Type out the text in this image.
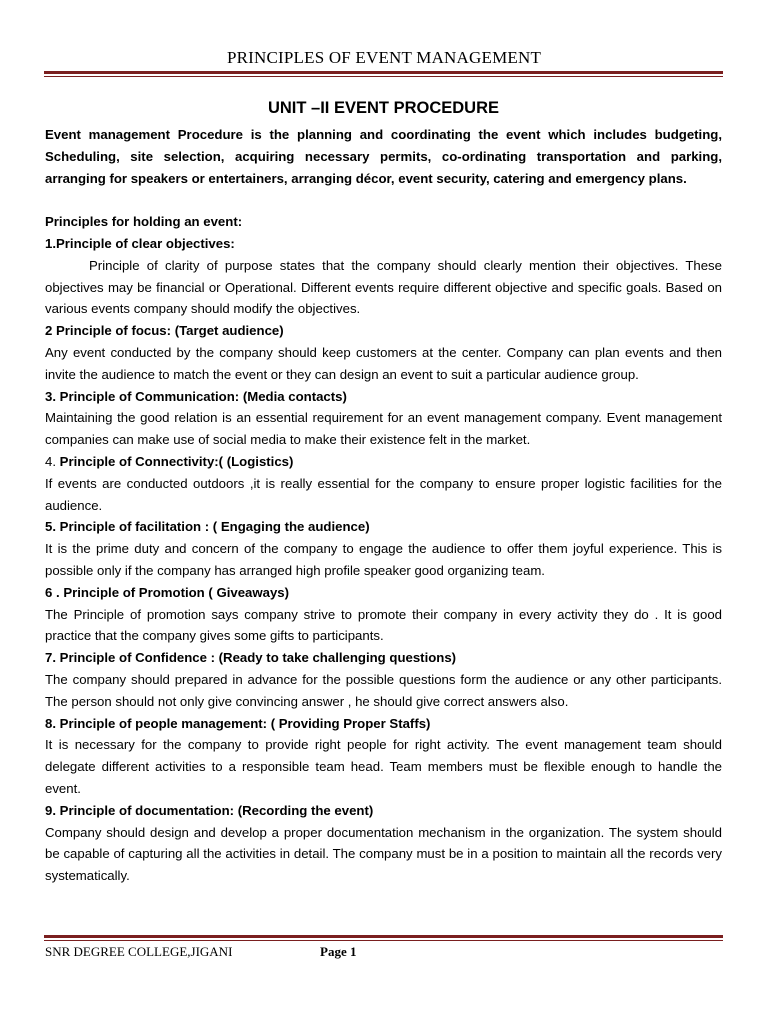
PRINCIPLES OF EVENT MANAGEMENT
UNIT –II EVENT PROCEDURE

Event management Procedure is the planning and coordinating the event which includes budgeting, Scheduling, site selection, acquiring necessary permits, co-ordinating transportation and parking, arranging for speakers or entertainers, arranging décor, event security, catering and emergency plans.

Principles for holding an event:
1.Principle of clear objectives:

Principle of clarity of purpose states that the company should clearly mention their objectives. These objectives may be financial or Operational. Different events require different objective and specific goals. Based on various events company should modify the objectives.

2 Principle of focus: (Target audience)

Any event conducted by the company should keep customers at the center. Company can plan events and then invite the audience to match the event or they can design an event to suit a particular audience group.

3. Principle of Communication: (Media contacts)

Maintaining the good relation is an essential requirement for an event management company. Event management companies can make use of social media to make their existence felt in the market.

4. Principle of Connectivity:( (Logistics)

If events are conducted outdoors ,it is really essential for the company to ensure proper logistic facilities for the audience.

5. Principle of facilitation : ( Engaging the audience)

It is the prime duty and concern of the company to engage the audience to offer them joyful experience. This is possible only if the company has arranged high profile speaker good organizing team.

6 . Principle of Promotion ( Giveaways)

The Principle of promotion says company strive to promote their company in every activity they do . It is good practice that the company gives some gifts to participants.

7. Principle of Confidence : (Ready to take challenging questions)

The company should prepared in advance for the possible questions form the audience or any other participants. The person should not only give convincing answer , he should give correct answers also.

8. Principle of people management: ( Providing Proper Staffs)

It is necessary for the company to provide right people for right activity. The event management team should delegate different activities to a responsible team head. Team members must be flexible enough to handle the event.

9. Principle of documentation: (Recording the event)

Company should design and develop a proper documentation mechanism in the organization. The system should be capable of capturing all the activities in detail. The company must be in a position to maintain all the records very systematically.

SNR DEGREE COLLEGE,JIGANI	Page 1
